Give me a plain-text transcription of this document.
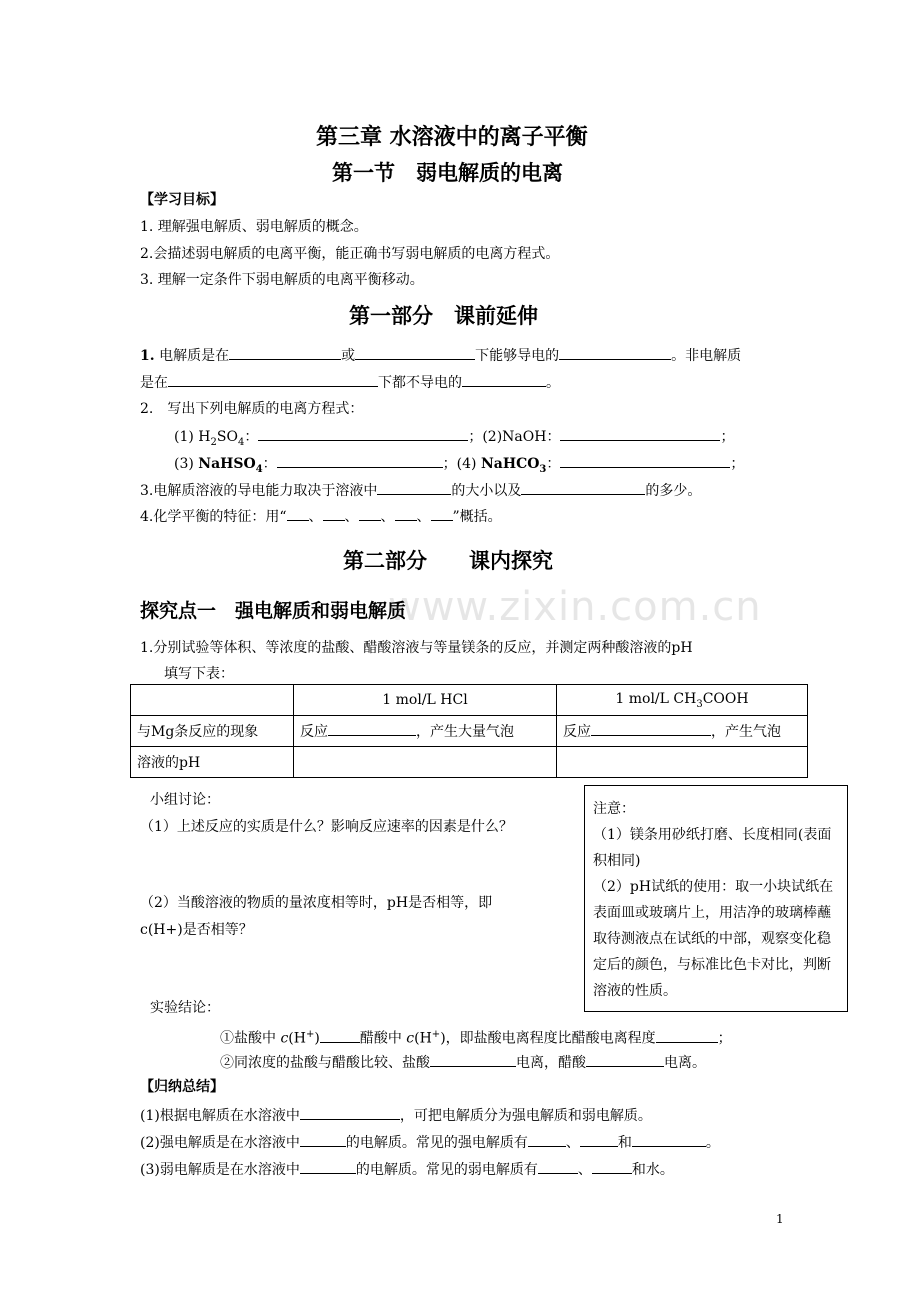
www.zixin.com.cn
第三章 水溶液中的离子平衡
第一节　弱电解质的电离
【学习目标】
1. 理解强电解质、弱电解质的概念。
2.会描述弱电解质的电离平衡，能正确书写弱电解质的电离方程式。
3. 理解一定条件下弱电解质的电离平衡移动。
第一部分　课前延伸
1. 电解质是在	或	下能够导电的	。非电解质
是在	下都不导电的	。
2.　写出下列电解质的电离方程式：
(1) $H_2SO_4$：	；(2)NaOH：	；
(3) NaHSO$_4$：	；(4) NaHCO$_3$：	；
3.电解质溶液的导电能力取决于溶液中	的大小以及	的多少。
4.化学平衡的特征：用“ 、 、 、 、 ”概括。
第二部分　　课内探究
探究点一　强电解质和弱电解质
1.分别试验等体积、等浓度的盐酸、醋酸溶液与等量镁条的反应，并测定两种酸溶液的pH
填写下表：
	1 mol/L HCl	1 mol/L $CH_3COOH$
与Mg条反应的现象	反应 ，产生大量气泡	反应 ，产生气泡
溶液的pH		
小组讨论：
（1）上述反应的实质是什么？影响反应速率的因素是什么？
（2）当酸溶液的物质的量浓度相等时，pH是否相等，即
c(H+)是否相等？
注意：
（1）镁条用砂纸打磨、长度相同(表面积相同)
（2）pH试纸的使用：取一小块试纸在表面皿或玻璃片上，用洁净的玻璃棒蘸取待测液点在试纸的中部，观察变化稳定后的颜色，与标准比色卡对比，判断溶液的性质。
实验结论：
①盐酸中 c(H+)	醋酸中 c(H+)，即盐酸电离程度比醋酸电离程度	；
②同浓度的盐酸与醋酸比较、盐酸	电离，醋酸	电离。
【归纳总结】
(1)根据电解质在水溶液中	，可把电解质分为强电解质和弱电解质。
(2)强电解质是在水溶液中	的电解质。常见的强电解质有	、	和	。
(3)弱电解质是在水溶液中	的电解质。常见的弱电解质有	、	和水。
1
